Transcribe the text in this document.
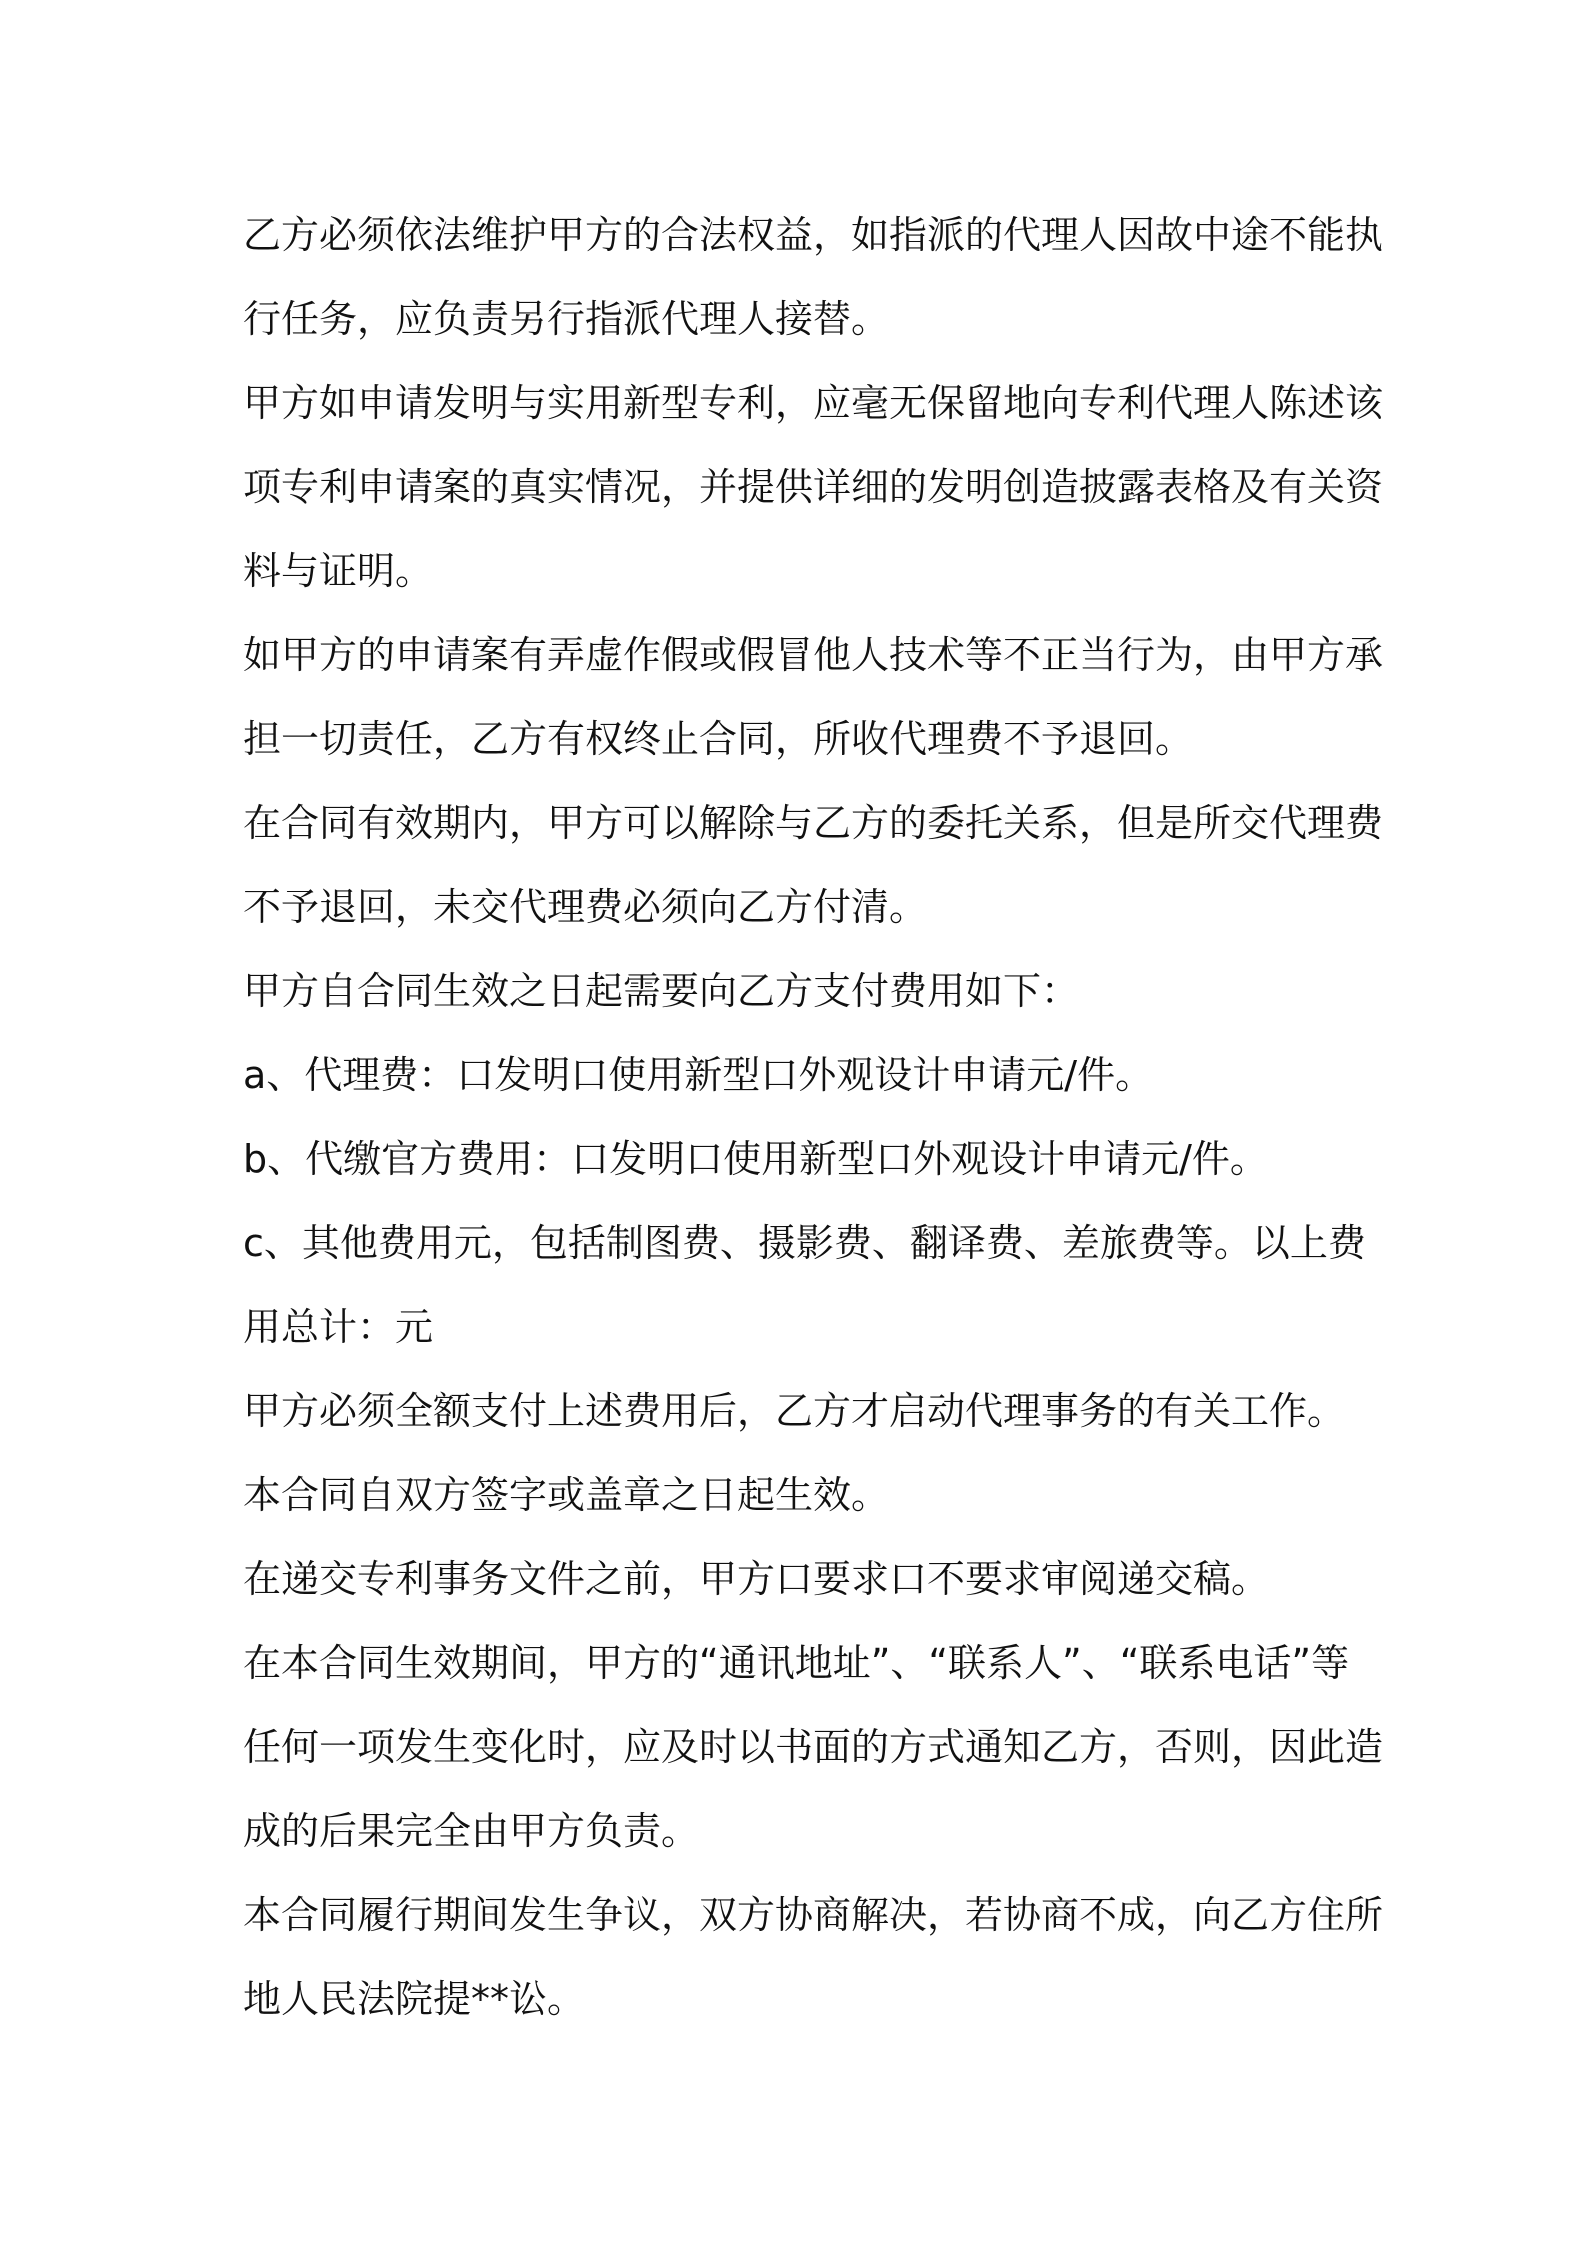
乙方必须依法维护甲方的合法权益，如指派的代理人因故中途不能执
行任务，应负责另行指派代理人接替。

甲方如申请发明与实用新型专利，应毫无保留地向专利代理人陈述该
项专利申请案的真实情况，并提供详细的发明创造披露表格及有关资
料与证明。

如甲方的申请案有弄虚作假或假冒他人技术等不正当行为，由甲方承
担一切责任，乙方有权终止合同，所收代理费不予退回。

在合同有效期内，甲方可以解除与乙方的委托关系，但是所交代理费
不予退回，未交代理费必须向乙方付清。

甲方自合同生效之日起需要向乙方支付费用如下：

a、代理费：口发明口使用新型口外观设计申请元/件。

b、代缴官方费用：口发明口使用新型口外观设计申请元/件。

c、其他费用元，包括制图费、摄影费、翻译费、差旅费等。以上费
用总计：元

甲方必须全额支付上述费用后，乙方才启动代理事务的有关工作。

本合同自双方签字或盖章之日起生效。

在递交专利事务文件之前，甲方口要求口不要求审阅递交稿。

在本合同生效期间，甲方的“通讯地址”、“联系人”、“联系电话”等
任何一项发生变化时，应及时以书面的方式通知乙方，否则，因此造
成的后果完全由甲方负责。

本合同履行期间发生争议，双方协商解决，若协商不成，向乙方住所
地人民法院提**讼。
